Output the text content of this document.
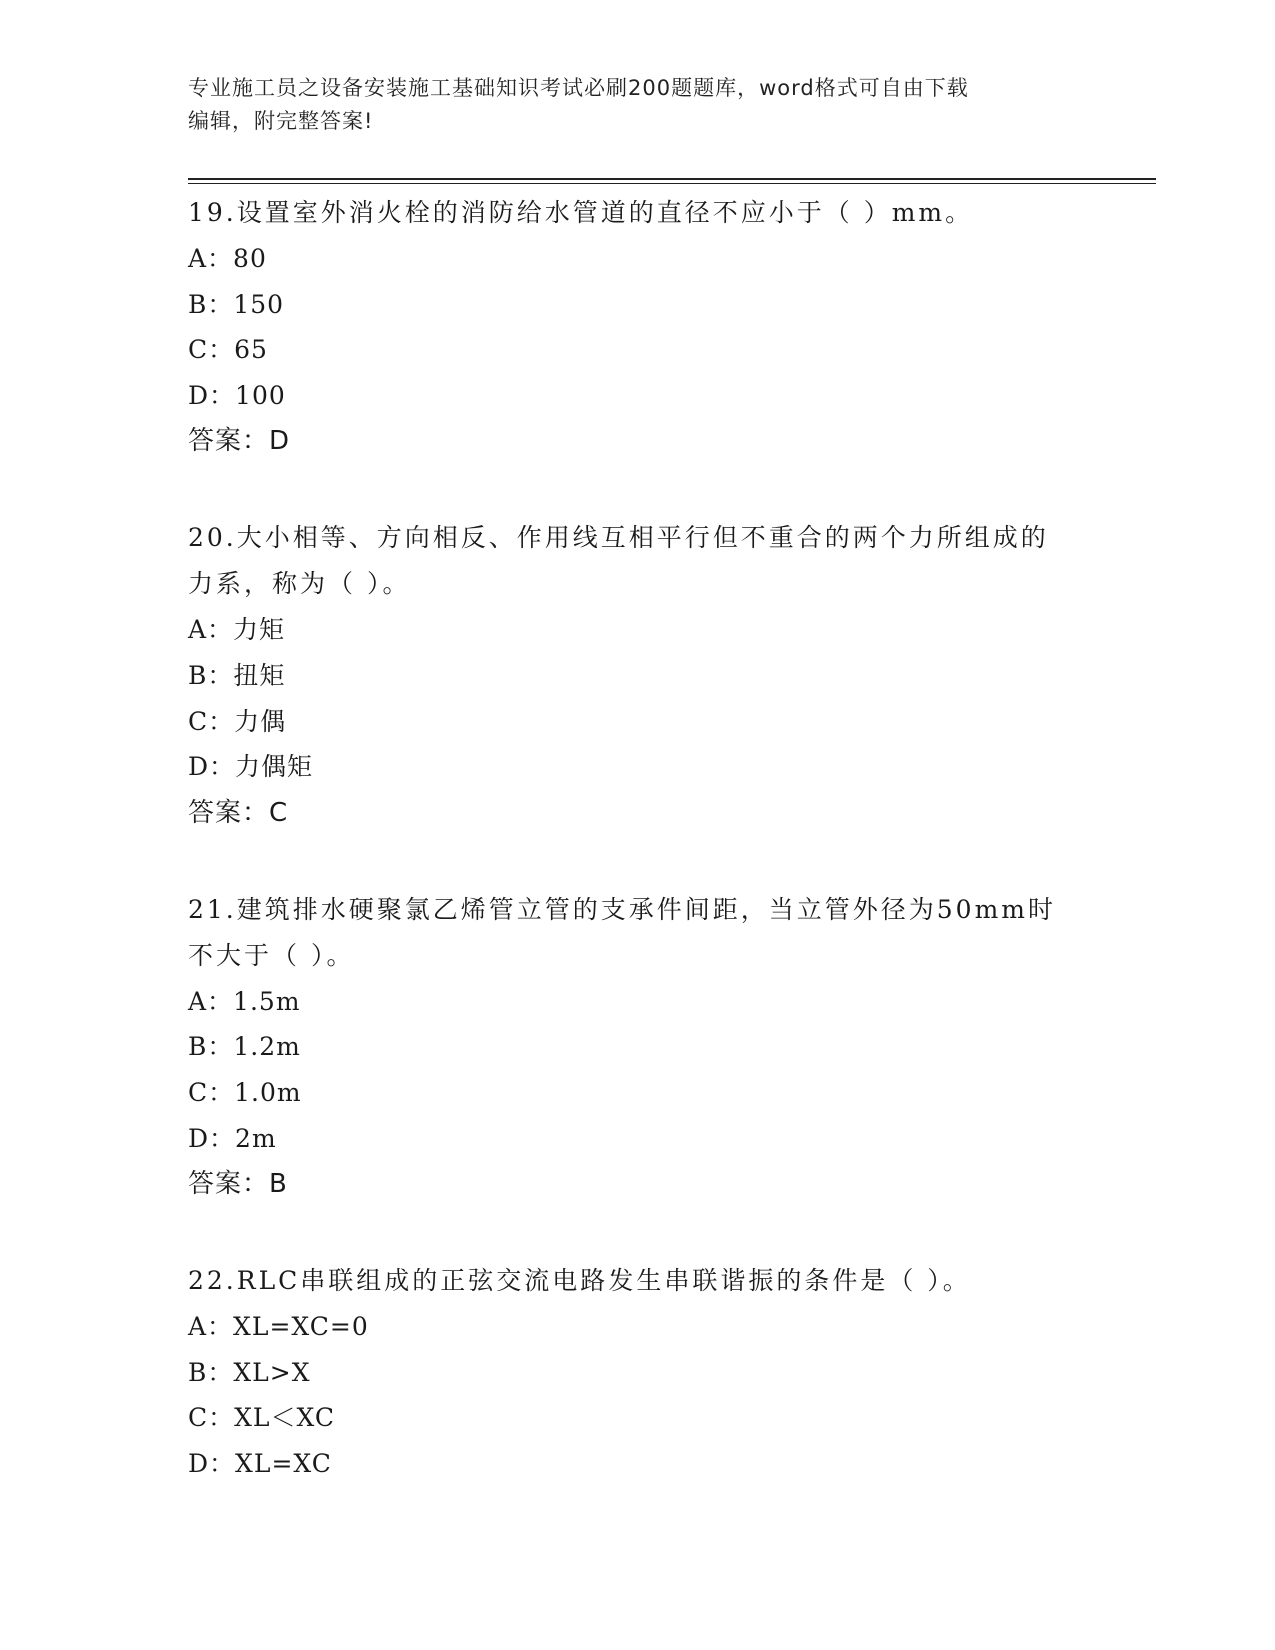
专业施工员之设备安装施工基础知识考试必刷200题题库，word格式可自由下载
编辑，附完整答案!
19.设置室外消火栓的消防给水管道的直径不应小于（ ）mm。
A：80
B：150
C：65
D：100
答案：D
20.大小相等、方向相反、作用线互相平行但不重合的两个力所组成的
力系，称为（ ）。
A：力矩
B：扭矩
C：力偶
D：力偶矩
答案：C
21.建筑排水硬聚氯乙烯管立管的支承件间距，当立管外径为50mm时
不大于（ ）。
A：1.5m
B：1.2m
C：1.0m
D：2m
答案：B
22.RLC串联组成的正弦交流电路发生串联谐振的条件是（ ）。
A：XL=XC=0
B：XL>X
C：XL＜XC
D：XL=XC
